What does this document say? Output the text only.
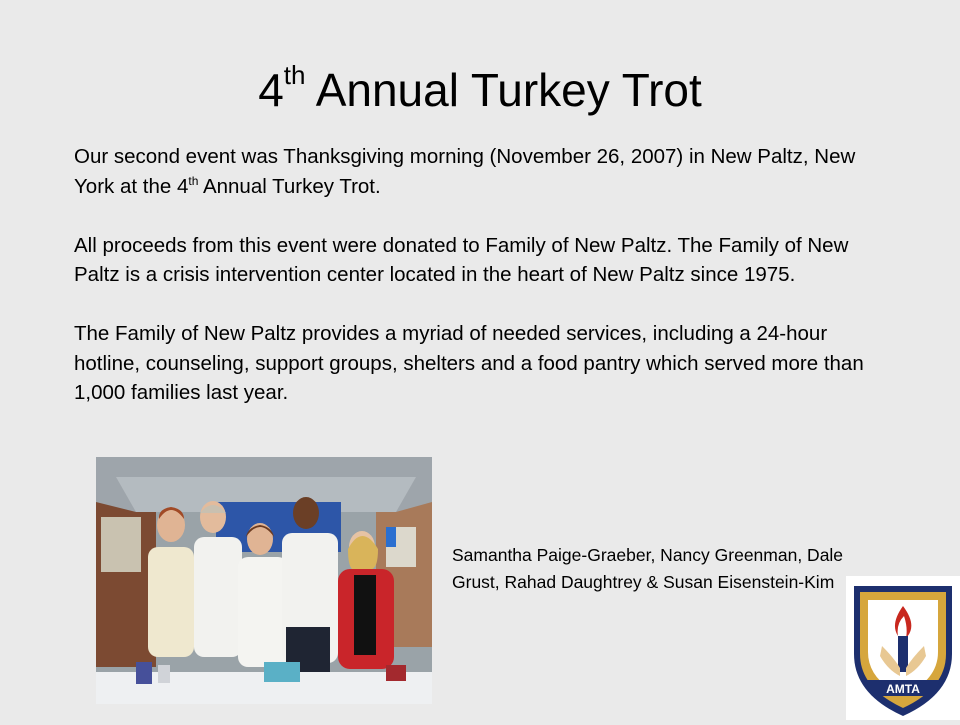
4th Annual Turkey Trot

Our second event was Thanksgiving morning (November 26, 2007) in New Paltz, New York at the 4th Annual Turkey Trot.

All proceeds from this event were donated to Family of New Paltz. The Family of New Paltz is a crisis intervention center located in the heart of New Paltz since 1975.

The Family of New Paltz provides a myriad of needed services, including a 24-hour hotline, counseling, support groups, shelters and a food pantry which served more than 1,000 families last year.

Samantha Paige-Graeber, Nancy Greenman, Dale Grust, Rahad Daughtrey & Susan Eisenstein-Kim
AMTA
